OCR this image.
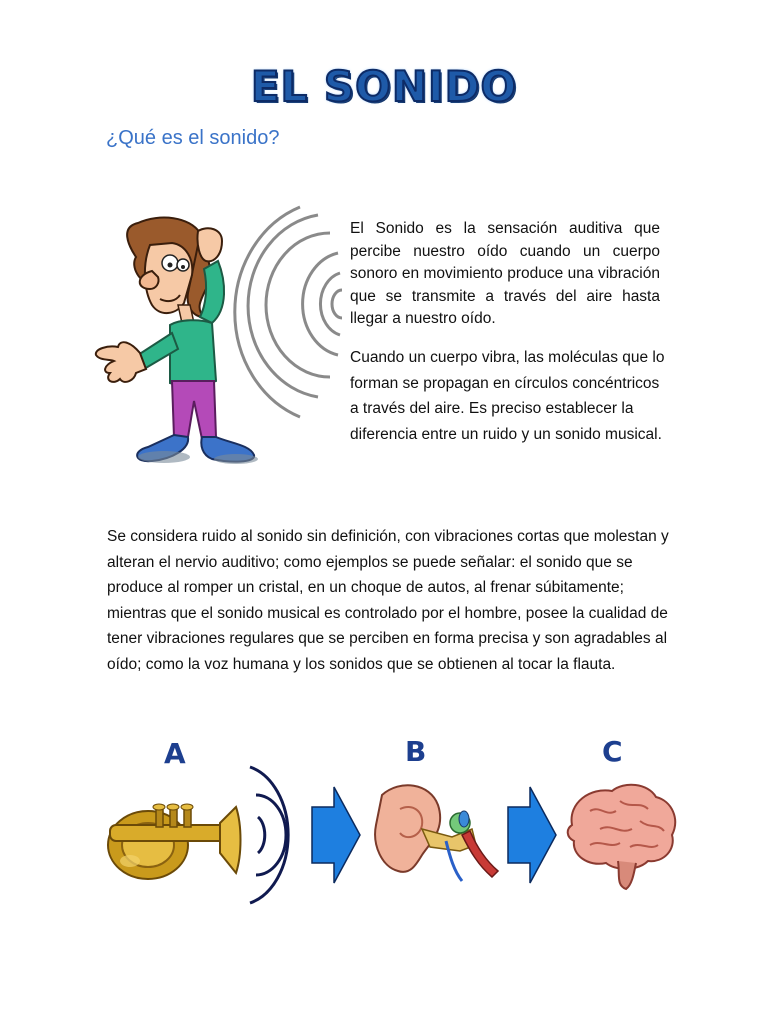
EL SONIDO
¿Qué es el sonido?

El Sonido es la sensación auditiva que percibe nuestro oído cuando un cuerpo sonoro en movimiento produce una vibración que se transmite a través del aire hasta llegar a nuestro oído.

Cuando un cuerpo vibra, las moléculas que lo forman se propagan en círculos concéntricos a través del aire. Es preciso establecer la diferencia entre un ruido y un sonido musical.

Se considera ruido al sonido sin definición, con vibraciones cortas que molestan y alteran el nervio auditivo; como ejemplos se puede señalar: el sonido que se produce al romper un cristal, en un choque de autos, al frenar súbitamente; mientras que el sonido musical es controlado por el hombre, posee la cualidad de tener vibraciones regulares que se perciben en forma precisa y son agradables al oído; como la voz humana y los sonidos que se obtienen al tocar la flauta.

A	B	C
